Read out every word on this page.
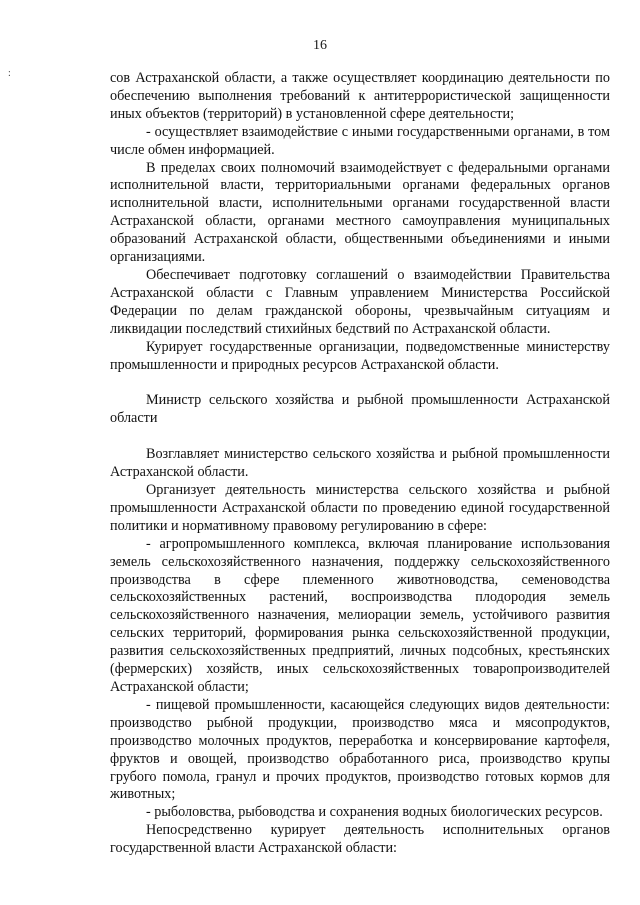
:
16

сов Астраханской области, а также осуществляет координацию деятельности по обеспечению выполнения требований к антитеррористической защищенности иных объектов (территорий) в установленной сфере деятельности;

- осуществляет взаимодействие с иными государственными органами, в том числе обмен информацией.

В пределах своих полномочий взаимодействует с федеральными органами исполнительной власти, территориальными органами федеральных органов исполнительной власти, исполнительными органами государственной власти Астраханской области, органами местного самоуправления муниципальных образований Астраханской области, общественными объединениями и иными организациями.

Обеспечивает подготовку соглашений о взаимодействии Правительства Астраханской области с Главным управлением Министерства Российской Федерации по делам гражданской обороны, чрезвычайным ситуациям и ликвидации последствий стихийных бедствий по Астраханской области.

Курирует государственные организации, подведомственные министерству промышленности и природных ресурсов Астраханской области.

Министр сельского хозяйства и рыбной промышленности Астраханской области

Возглавляет министерство сельского хозяйства и рыбной промышленности Астраханской области.

Организует деятельность министерства сельского хозяйства и рыбной промышленности Астраханской области по проведению единой государственной политики и нормативному правовому регулированию в сфере:

- агропромышленного комплекса, включая планирование использования земель сельскохозяйственного назначения, поддержку сельскохозяйственного производства в сфере племенного животноводства, семеноводства сельскохозяйственных растений, воспроизводства плодородия земель сельскохозяйственного назначения, мелиорации земель, устойчивого развития сельских территорий, формирования рынка сельскохозяйственной продукции, развития сельскохозяйственных предприятий, личных подсобных, крестьянских (фермерских) хозяйств, иных сельскохозяйственных товаропроизводителей Астраханской области;

- пищевой промышленности, касающейся следующих видов деятельности: производство рыбной продукции, производство мяса и мясопродуктов, производство молочных продуктов, переработка и консервирование картофеля, фруктов и овощей, производство обработанного риса, производство крупы грубого помола, гранул и прочих продуктов, производство готовых кормов для животных;

- рыболовства, рыбоводства и сохранения водных биологических ресурсов.

Непосредственно курирует деятельность исполнительных органов государственной власти Астраханской области:
